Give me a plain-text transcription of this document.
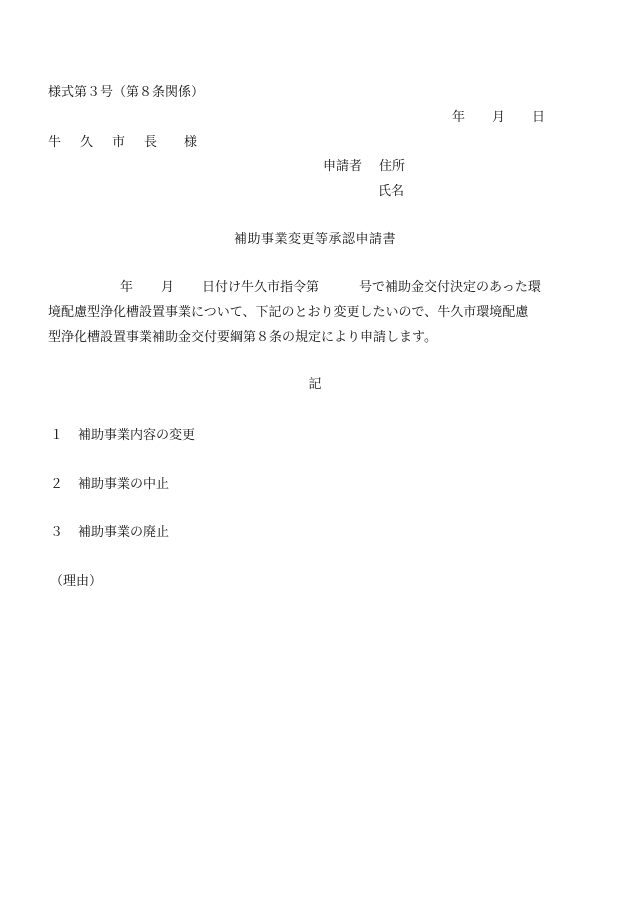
様式第３号（第８条関係）
年 月 日
牛 久 市 長 様
申請者 住所
氏名
補助事業変更等承認申請書
年 月 日付け牛久市指令第	号で補助金交付決定のあった環
境配慮型浄化槽設置事業について、下記のとおり変更したいので、牛久市環境配慮
型浄化槽設置事業補助金交付要綱第８条の規定により申請します。
記
１ 補助事業内容の変更
２ 補助事業の中止
３ 補助事業の廃止
（理由）
